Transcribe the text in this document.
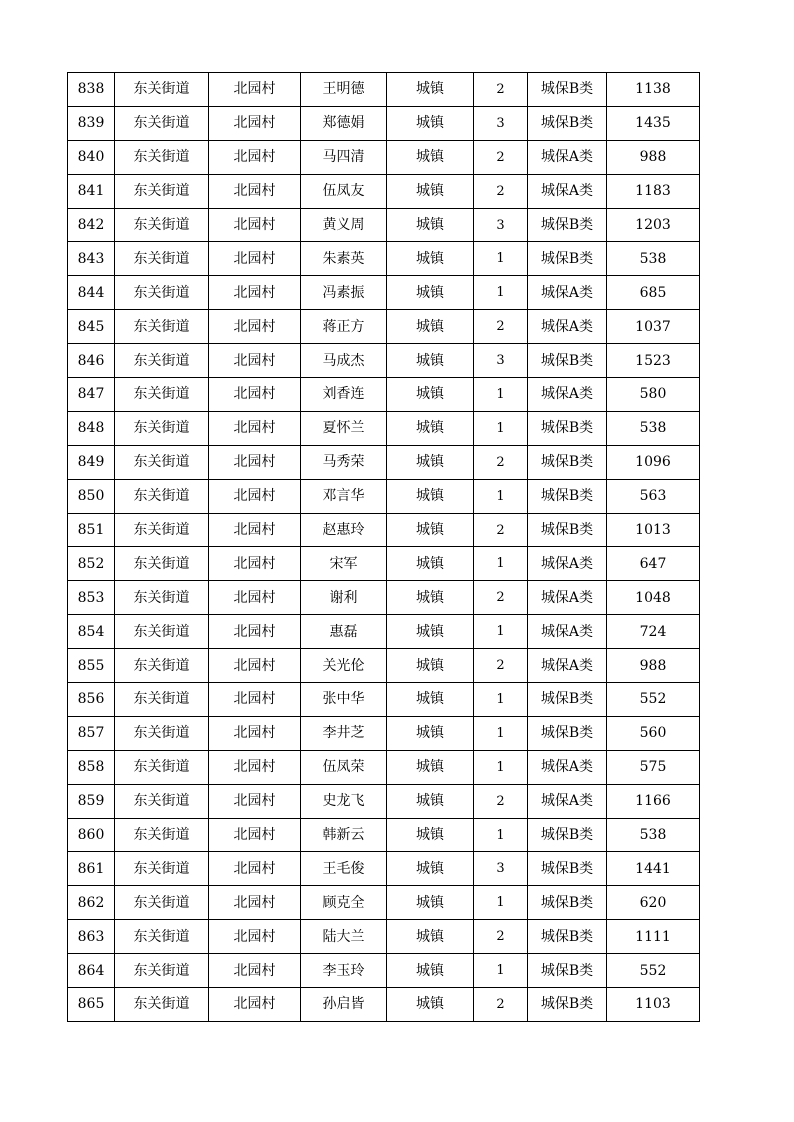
838	东关街道	北园村	王明德	城镇	2	城保B类	1138
839	东关街道	北园村	郑德娟	城镇	3	城保B类	1435
840	东关街道	北园村	马四清	城镇	2	城保A类	988
841	东关街道	北园村	伍凤友	城镇	2	城保A类	1183
842	东关街道	北园村	黄义周	城镇	3	城保B类	1203
843	东关街道	北园村	朱素英	城镇	1	城保B类	538
844	东关街道	北园村	冯素振	城镇	1	城保A类	685
845	东关街道	北园村	蒋正方	城镇	2	城保A类	1037
846	东关街道	北园村	马成杰	城镇	3	城保B类	1523
847	东关街道	北园村	刘香连	城镇	1	城保A类	580
848	东关街道	北园村	夏怀兰	城镇	1	城保B类	538
849	东关街道	北园村	马秀荣	城镇	2	城保B类	1096
850	东关街道	北园村	邓言华	城镇	1	城保B类	563
851	东关街道	北园村	赵惠玲	城镇	2	城保B类	1013
852	东关街道	北园村	宋军	城镇	1	城保A类	647
853	东关街道	北园村	谢利	城镇	2	城保A类	1048
854	东关街道	北园村	惠磊	城镇	1	城保A类	724
855	东关街道	北园村	关光伦	城镇	2	城保A类	988
856	东关街道	北园村	张中华	城镇	1	城保B类	552
857	东关街道	北园村	李井芝	城镇	1	城保B类	560
858	东关街道	北园村	伍凤荣	城镇	1	城保A类	575
859	东关街道	北园村	史龙飞	城镇	2	城保A类	1166
860	东关街道	北园村	韩新云	城镇	1	城保B类	538
861	东关街道	北园村	王毛俊	城镇	3	城保B类	1441
862	东关街道	北园村	顾克全	城镇	1	城保B类	620
863	东关街道	北园村	陆大兰	城镇	2	城保B类	1111
864	东关街道	北园村	李玉玲	城镇	1	城保B类	552
865	东关街道	北园村	孙启皆	城镇	2	城保B类	1103
